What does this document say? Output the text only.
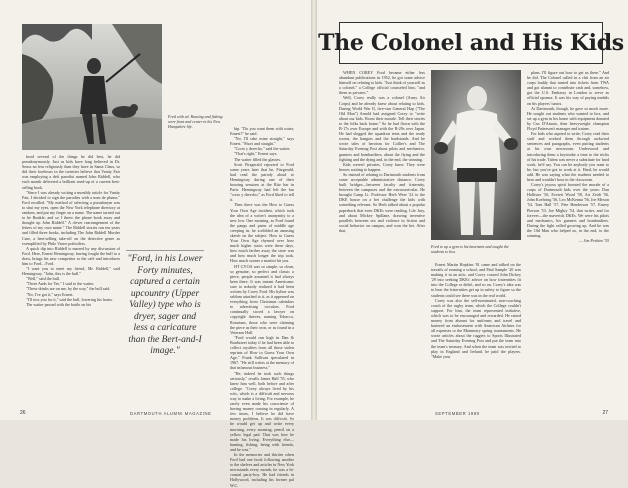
Ford with ed. Hunting and fishing were front and center in his New Hampshire life.

hood several of the things he did best, he did pseudonymously. Just as kids have long believed in Dr. Seuss no less religiously than they have in Santa Claus, so did their forebears in the twenties believe that Vanity Fair was employing a deft parodist named John Riddell, who each month delivered a brilliant send-up of a current best-selling book.

"Since I was already writing a monthly article for Vanity Fair, I decided to sign the parodies with a nom de plume," Ford recalled. "My method of selecting a pseudonym was to shut my eyes, open the New York telephone directory at random, and put my finger on a name. The name turned out to be Runkle, and so I threw the phone book away and thought up John Riddell." A clever rearrangement of the letters of my own name." The Riddell stories ran ten years and filled three books, including The John Riddell Murder Case, a best-selling take-off on the detective genre as exemplified by Philo Vance potboilers.

A quick dip into Riddell is marred by any discussion of Ford. Here, Ernest Hemingway, having fought the bull to a draw, brings his new competitor to the café and introduces him to Ford....Ford.

"I want you to meet my friend, Mr. Riddell," said Hemingway. "John, this is the bull."

"Well," said the bull.

"Three Ands for Yes." I said to the waiter.

"These drinks are on me, by the way," the bull said.

"No, I've got it," says Ernest.

"I'll toss you for it," said the bull, lowering his horns.

The waiter passed with the bottle on his

hip. "Do you want them with water, Ernest?" he said.

"No, I'll take mine straight," says Ernest. "Short and straight."

"Corto y derecho," said the waiter.

"That's right," Ernest says.

The waiter filled the glasses.

Scott Fitzgerald reported to Ford some years later that he, Fitzgerald, had read the parody aloud to Hemingway during one of their boozing sessions at the Ritz bar in Paris. Hemingway had left the bar "corto y derecho," as Ford liked to tell it.

Then there was the How to Guess Your Own Age incident, which took the idea of a writer's anonymity to a new low. One morning, as Ford found the pangs and pains of middle age creeping in, he scribbled an amusing sketch on the subject. How to Guess Your Own Age rhymed over how much higher stairs were these days, how much farther away the store was and how much longer the trip took. How much sooner a martini hit you.

HT GYOA was so simple, so clean, so genuine, so perfect and classic a piece, people assumed it had always been there. It was instant Americana: sure to nobody realized it had been written by Corey Ford. His byline was seldom attached to it, as it appeared on everything from Christmas calendars to advertising circulars. Ford continually sicced a lawyer on copyright thieves, naming Tobacco, Rotarians, those who were claiming the piece as their own, or as found in a Veterans Hall.

"Ford would run high in Dan & Bradstreet today if he had been able to collect royalties from all those stolen reprints of How to Guess Your Own Age," Frank Sullivan speculated in 1967. "He still writes at the memory of that infamous business."

"He, indeed he took such things seriously," recalls James Hall '55, who knew him well, both before and after college. "Corey always lived by his wits, which is a difficult and nervous way to make a living. For example, he rarely even made his conscience of having money coming in regularly. A few times, I believe he did have money problems. It was difficult. So he would get up and write every morning, every morning, pencil on a yellow legal pad. That was how he made his living. Everything else—hunting, fishing, being with friends, and he was."

In the memories and thirties when Ford had one book following another to the shelves and articles in New York newsstands every month, he was a bi-coastal party-boy. He had friends in Hollywood, including his former pal W.C.

"Ford, in his Lower Forty minutes, captured a certain upcountry (Upper Valley) type who is dryer, sager and less a caricature than the Bert-and-I image."
DARTMOUTH ALUMNI MAGAZINE
26
The Colonel and His Kids

WHEN COREY Ford became either less abundant publications in 1952, he got some advice himself on relating to kids. "Just think of yourself as a colonel," a College official counseled him, "and them as privates."

Well, Corey really was a colonel (Army Air Corps) and he already knew about relating to kids. During World War II, five-star General Hap ("The Old Man") Arnold had assigned Corey to "write about our kids. Boost their morale. Tell their stories to the folks back home." So he had flown with the B-17s over Europe and with the B-29s over Japan. He had slogged the squadron tents and the ready rooms, the hangars and the hardstands. And he wrote tales of heroism for Collier's and The Saturday Evening Post about pilots and mechanics, gunners and bombardiers, about the flying and the fighting and the dying and, in the end, the winning.

Kids weren't privates, Corey knew. They were heroes waiting to happen.

So instead of relating to Dartmouth students from some acceptable administrative distance, Corey built bridges—between faculty and fraternity, between the campuses and the extracurricular. He brought Camp Lt. Professor Herb Were '22 to the DKE house on a bet challenge the kids with something relevant. So Herb talked about a popular paperback that even DKEs were reading, Life Jury, and about Mickey Spillane, drawing inventive parallels between sex and violence in fiction and social behavior on campus, and won the bet. After that,

Ford to up a gym to his basement and taught the students to box.

Ernest Martin Hopkins '01 came and talked on the travails of running a school, and Paul Sample '20 was making it in an attic, and Corey coaxed John Dickey '29 into seeking DKEs' advice on how fraternities fit into the College or didn't, and so on. Corey's idea was to hear the fraternities get up in safety to figure so the students could see there was in the real world.

Corey was also the self-nominated, non-coaching coach of the rugby team, which the College couldn't support. For him, the team represented initiative, which was to be encouraged and rewarded. He raised money from alumni for uniforms and travel and bartered an endorsement with American Airlines for all expenses to the Mommery spring tournaments. He wrote articles about the ruggers to Sports Illustrated and The Saturday Evening Post and put the team into the team's treasury. And when the team was invited to play in England and Ireland, he paid the players. "Make your

plans. I'll figure out how to get us there." And he did. The Colonel called in a chit from an air corps buddy that turned into tickets from TWA and got alumni to contribute cash and, somehow, got the U.S. Embassy in London to serve as official sponsor. It was his way of paying medals on his players' tunics.

At Dartmouth, though, he gave so much more. He sought out students who wanted to box, and set up a gym in his home with equipment donated by Cus D'Amato, then heavyweight champion Floyd Patterson's manager and trainer.

For kids who aspired to write, Corey read their stuff and worked them through awkward sentences and paragraphs, even putting students at his own newsroom. Underwood and introducing them a keystroke a time to the tricks of his trade. Talent was never a substitute for hard work, he'd say. You can be anybody you want to be, but you've got to work at it. Hard, he would add. He was saying what the students needed to hear and wouldn't hear in the classroom.

Corey's joyous spirit boosted the morale of a corps of Dartmouth kids over the years: Dan Hollister '56, Everett Wood '58, Art Zeidt '56, John Koehring '56, Leo McKenna '56, Joe Mexon '54, Tom Hall '57, Pete Henderson '57, Emery Pierson '53, Joe Mighty '54, that writer, and for forever—the maverick DKEs. We were his pilots and mechanics, his gunners and bombardiers. During the fight called growing up. And he was the Old Man who helped us, in the end, to the winning.

— Jim Perkins '55

SEPTEMBER 1990	27
